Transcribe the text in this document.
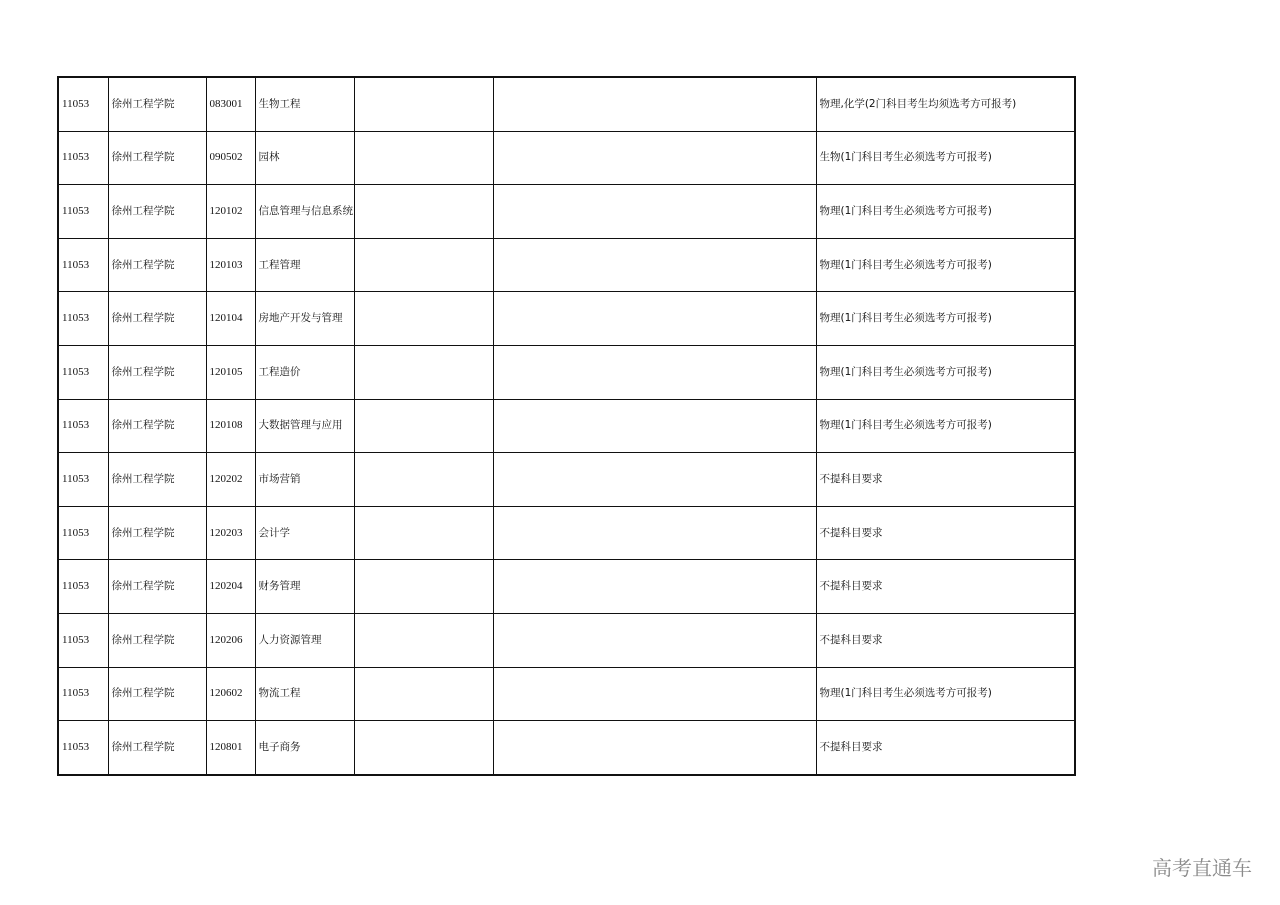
11053	徐州工程学院	083001	生物工程			物理,化学(2门科目考生均须选考方可报考)
11053	徐州工程学院	090502	园林			生物(1门科目考生必须选考方可报考)
11053	徐州工程学院	120102	信息管理与信息系统			物理(1门科目考生必须选考方可报考)
11053	徐州工程学院	120103	工程管理			物理(1门科目考生必须选考方可报考)
11053	徐州工程学院	120104	房地产开发与管理			物理(1门科目考生必须选考方可报考)
11053	徐州工程学院	120105	工程造价			物理(1门科目考生必须选考方可报考)
11053	徐州工程学院	120108	大数据管理与应用			物理(1门科目考生必须选考方可报考)
11053	徐州工程学院	120202	市场营销			不提科目要求
11053	徐州工程学院	120203	会计学			不提科目要求
11053	徐州工程学院	120204	财务管理			不提科目要求
11053	徐州工程学院	120206	人力资源管理			不提科目要求
11053	徐州工程学院	120602	物流工程			物理(1门科目考生必须选考方可报考)
11053	徐州工程学院	120801	电子商务			不提科目要求
高考直通车
